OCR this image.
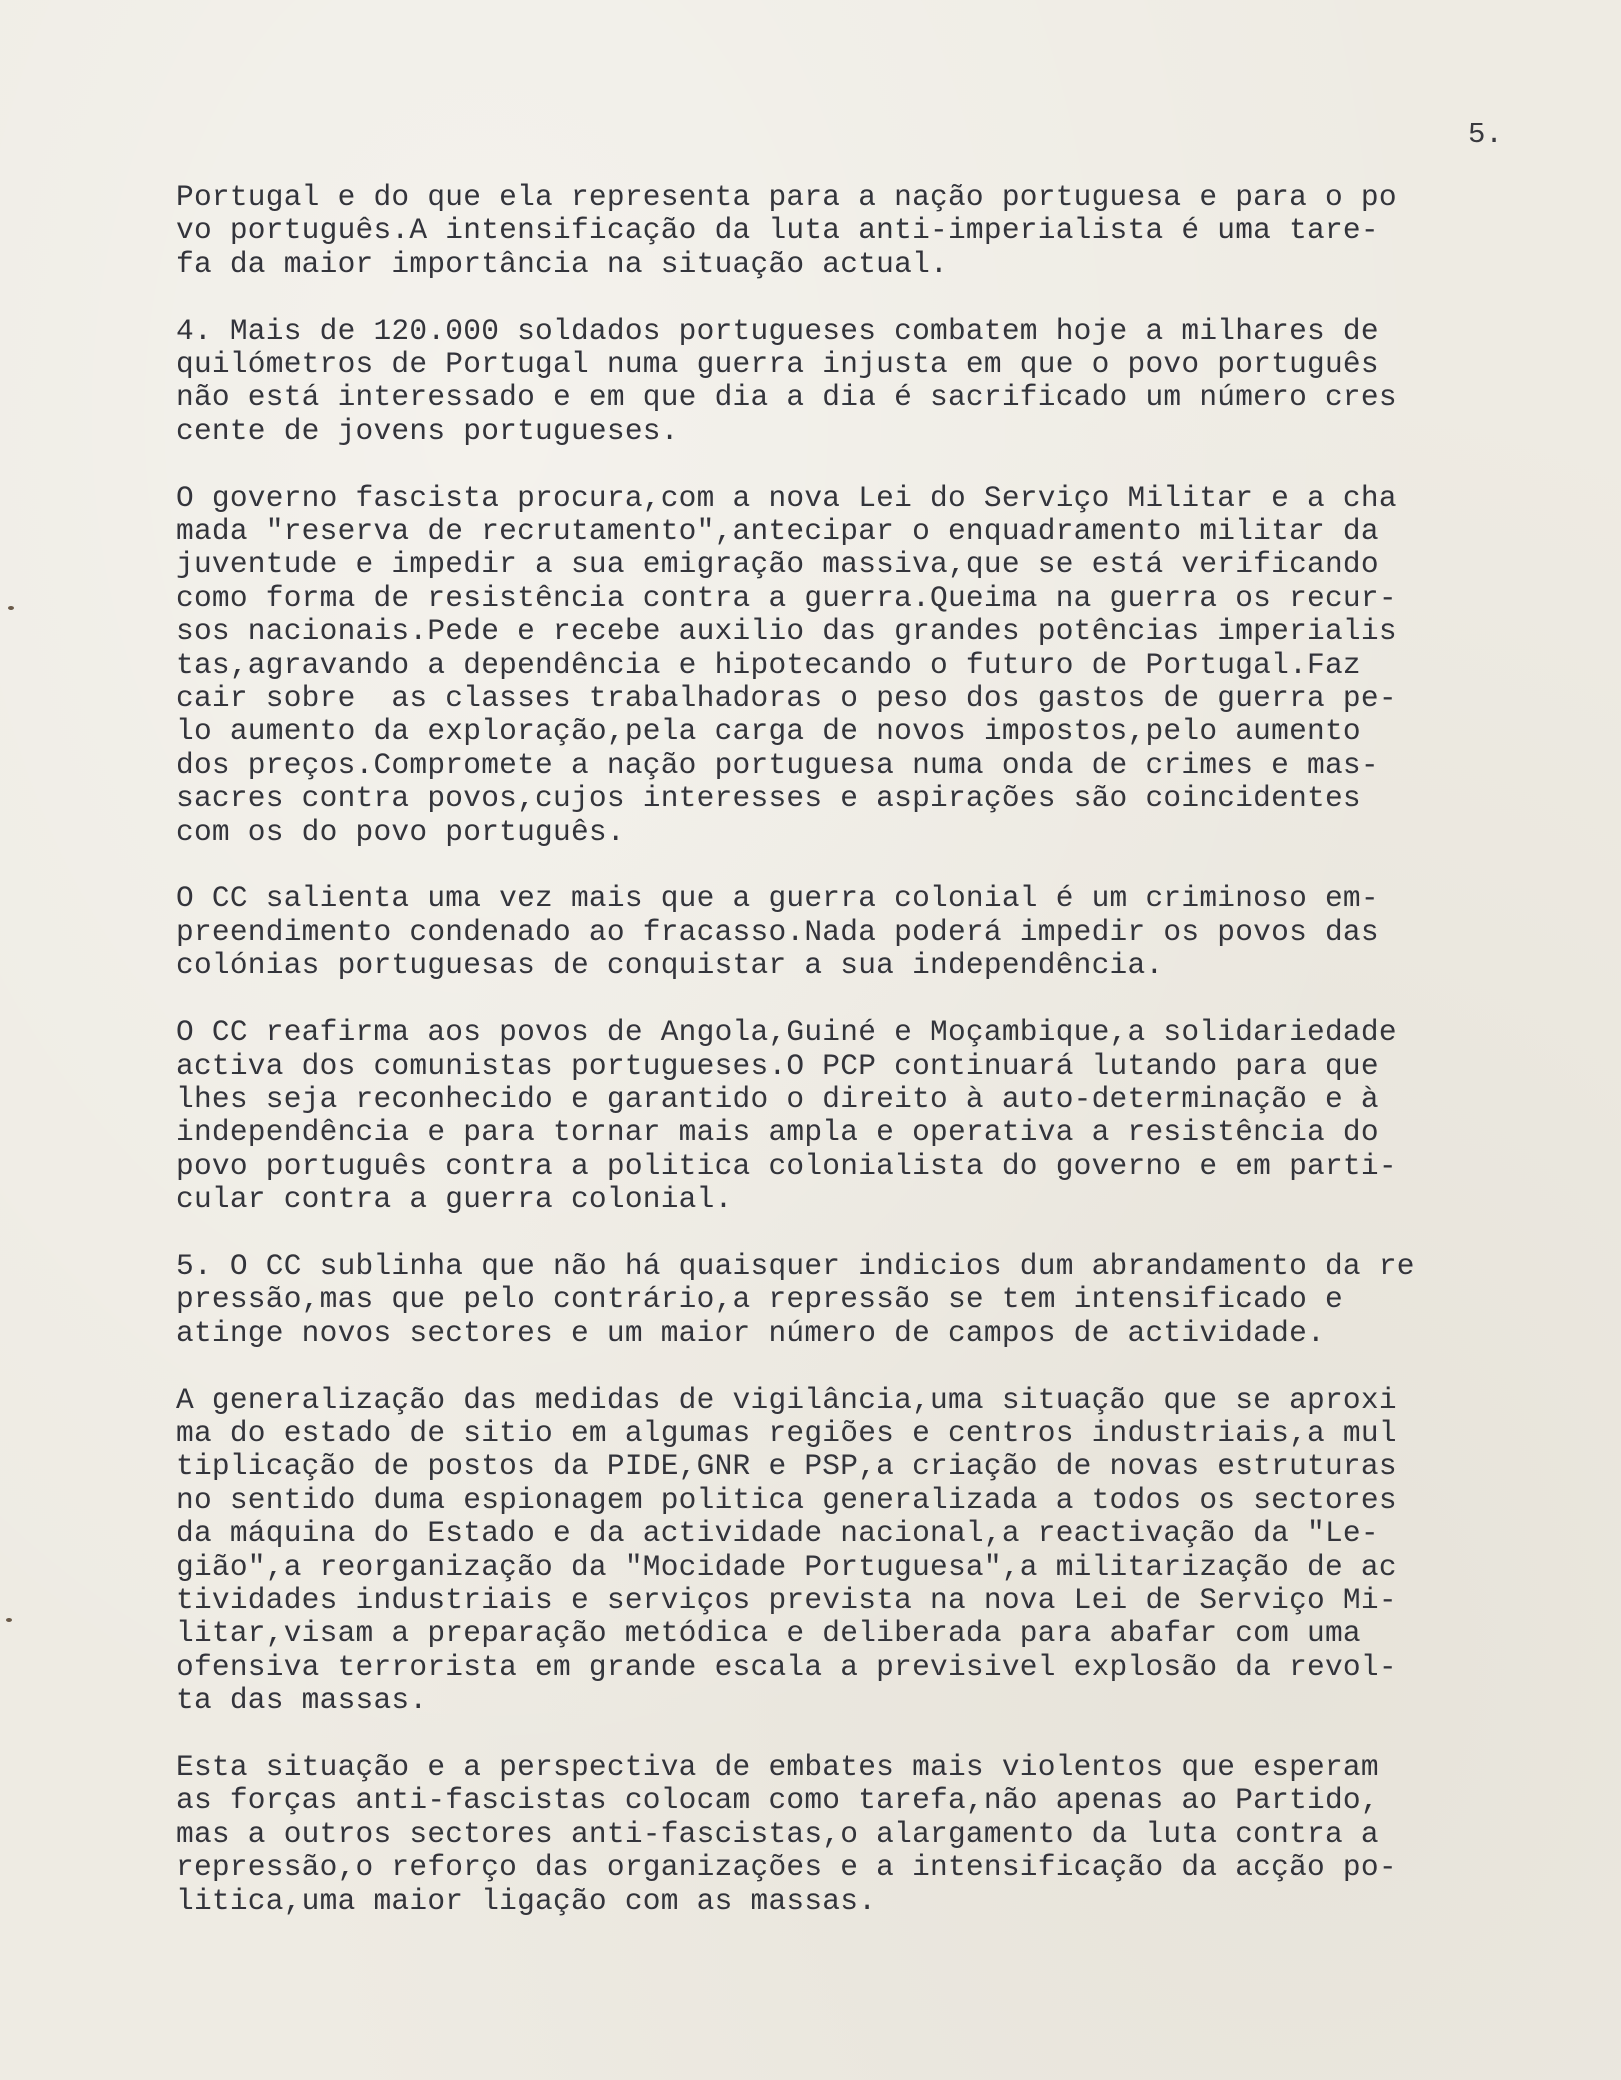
5.
Portugal e do que ela representa para a nação portuguesa e para o po
vo português.A intensificação da luta anti-imperialista é uma tare-
fa da maior importância na situação actual.
4. Mais de 120.000 soldados portugueses combatem hoje a milhares de
quilómetros de Portugal numa guerra injusta em que o povo português
não está interessado e em que dia a dia é sacrificado um número cres
cente de jovens portugueses.
O governo fascista procura,com a nova Lei do Serviço Militar e a cha
mada "reserva de recrutamento",antecipar o enquadramento militar da
juventude e impedir a sua emigração massiva,que se está verificando
como forma de resistência contra a guerra.Queima na guerra os recur-
sos nacionais.Pede e recebe auxilio das grandes potências imperialis
tas,agravando a dependência e hipotecando o futuro de Portugal.Faz
cair sobre  as classes trabalhadoras o peso dos gastos de guerra pe-
lo aumento da exploração,pela carga de novos impostos,pelo aumento
dos preços.Compromete a nação portuguesa numa onda de crimes e mas-
sacres contra povos,cujos interesses e aspirações são coincidentes
com os do povo português.
O CC salienta uma vez mais que a guerra colonial é um criminoso em-
preendimento condenado ao fracasso.Nada poderá impedir os povos das
colónias portuguesas de conquistar a sua independência.
O CC reafirma aos povos de Angola,Guiné e Moçambique,a solidariedade
activa dos comunistas portugueses.O PCP continuará lutando para que
lhes seja reconhecido e garantido o direito à auto-determinação e à
independência e para tornar mais ampla e operativa a resistência do
povo português contra a politica colonialista do governo e em parti-
cular contra a guerra colonial.
5. O CC sublinha que não há quaisquer indicios dum abrandamento da re
pressão,mas que pelo contrário,a repressão se tem intensificado e
atinge novos sectores e um maior número de campos de actividade.
A generalização das medidas de vigilância,uma situação que se aproxi
ma do estado de sitio em algumas regiões e centros industriais,a mul
tiplicação de postos da PIDE,GNR e PSP,a criação de novas estruturas
no sentido duma espionagem politica generalizada a todos os sectores
da máquina do Estado e da actividade nacional,a reactivação da "Le-
gião",a reorganização da "Mocidade Portuguesa",a militarização de ac
tividades industriais e serviços prevista na nova Lei de Serviço Mi-
litar,visam a preparação metódica e deliberada para abafar com uma
ofensiva terrorista em grande escala a previsivel explosão da revol-
ta das massas.
Esta situação e a perspectiva de embates mais violentos que esperam
as forças anti-fascistas colocam como tarefa,não apenas ao Partido,
mas a outros sectores anti-fascistas,o alargamento da luta contra a
repressão,o reforço das organizações e a intensificação da acção po-
litica,uma maior ligação com as massas.
